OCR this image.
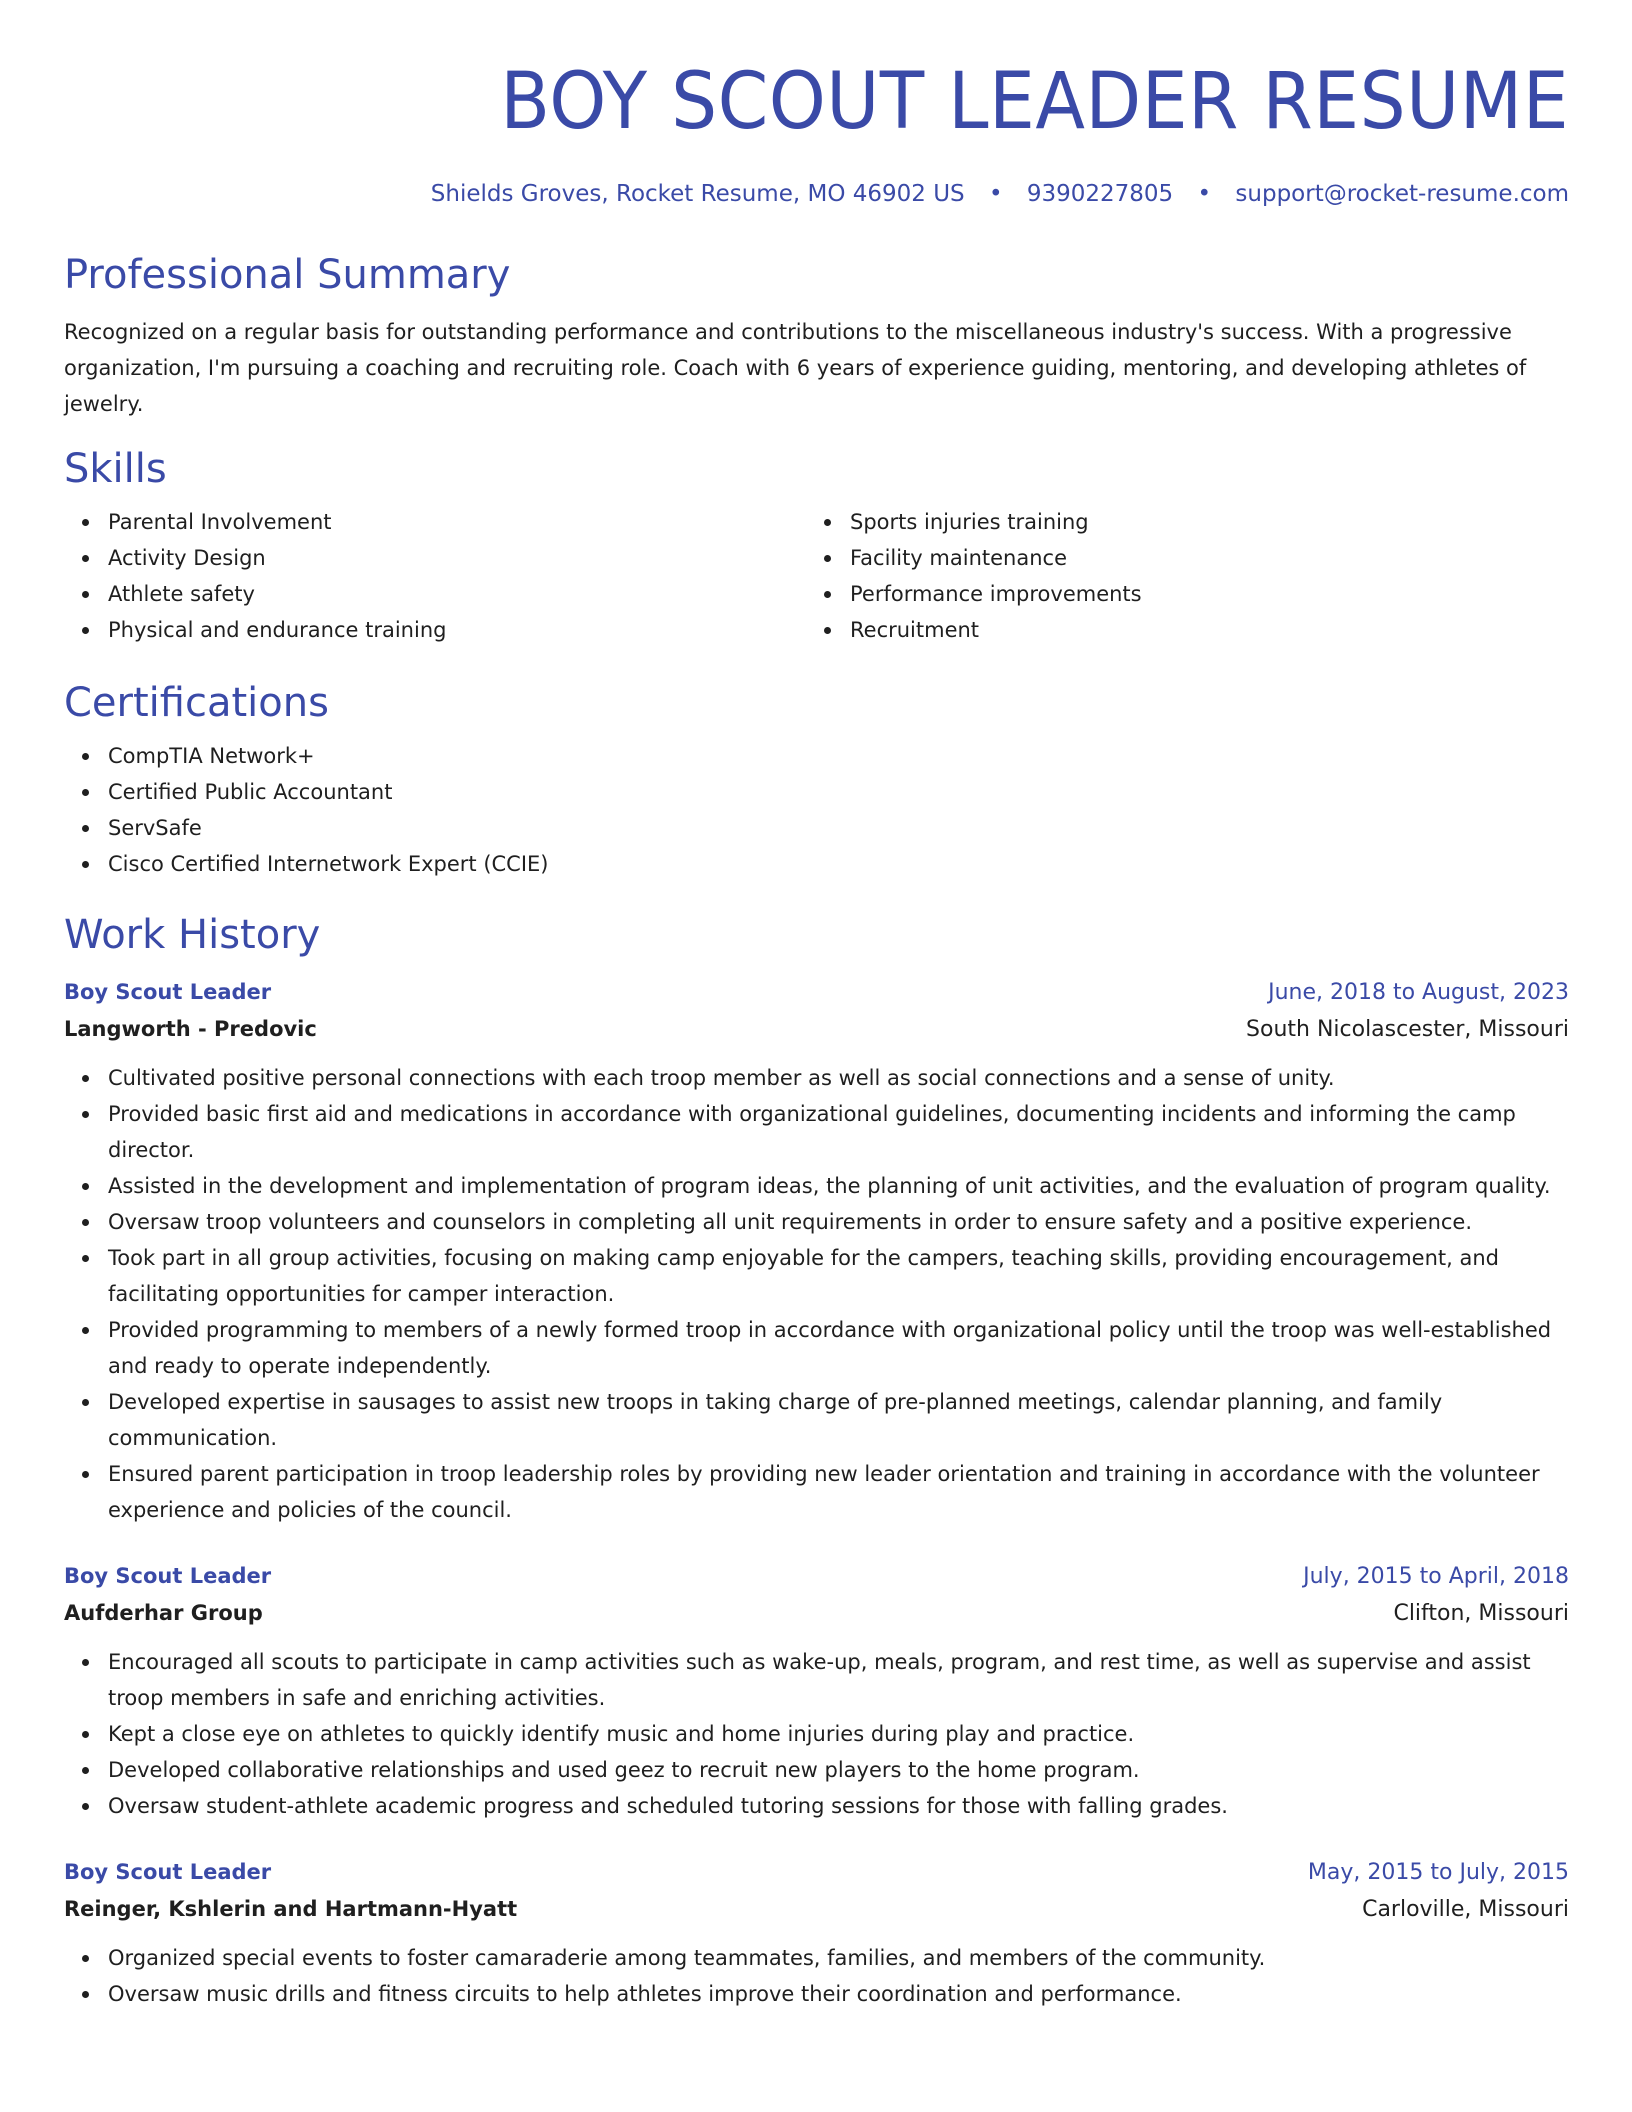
BOY SCOUT LEADER RESUME
Shields Groves, Rocket Resume, MO 46902 US • 9390227805 • support@rocket-resume.com
Professional Summary

Recognized on a regular basis for outstanding performance and contributions to the miscellaneous industry's success. With a progressive organization, I'm pursuing a coaching and recruiting role. Coach with 6 years of experience guiding, mentoring, and developing athletes of jewelry.

Skills
Parental Involvement
Activity Design
Athlete safety
Physical and endurance training
Sports injuries training
Facility maintenance
Performance improvements
Recruitment
Certifications
CompTIA Network+
Certified Public Accountant
ServSafe
Cisco Certified Internetwork Expert (CCIE)
Work History
Boy Scout Leader	June, 2018 to August, 2023
Langworth - Predovic	South Nicolascester, Missouri
Cultivated positive personal connections with each troop member as well as social connections and a sense of unity.
Provided basic first aid and medications in accordance with organizational guidelines, documenting incidents and informing the camp director.
Assisted in the development and implementation of program ideas, the planning of unit activities, and the evaluation of program quality.
Oversaw troop volunteers and counselors in completing all unit requirements in order to ensure safety and a positive experience.
Took part in all group activities, focusing on making camp enjoyable for the campers, teaching skills, providing encouragement, and facilitating opportunities for camper interaction.
Provided programming to members of a newly formed troop in accordance with organizational policy until the troop was well-established and ready to operate independently.
Developed expertise in sausages to assist new troops in taking charge of pre-planned meetings, calendar planning, and family communication.
Ensured parent participation in troop leadership roles by providing new leader orientation and training in accordance with the volunteer experience and policies of the council.
Boy Scout Leader	July, 2015 to April, 2018
Aufderhar Group	Clifton, Missouri
Encouraged all scouts to participate in camp activities such as wake-up, meals, program, and rest time, as well as supervise and assist troop members in safe and enriching activities.
Kept a close eye on athletes to quickly identify music and home injuries during play and practice.
Developed collaborative relationships and used geez to recruit new players to the home program.
Oversaw student-athlete academic progress and scheduled tutoring sessions for those with falling grades.
Boy Scout Leader	May, 2015 to July, 2015
Reinger, Kshlerin and Hartmann-Hyatt	Carloville, Missouri
Organized special events to foster camaraderie among teammates, families, and members of the community.
Oversaw music drills and fitness circuits to help athletes improve their coordination and performance.
